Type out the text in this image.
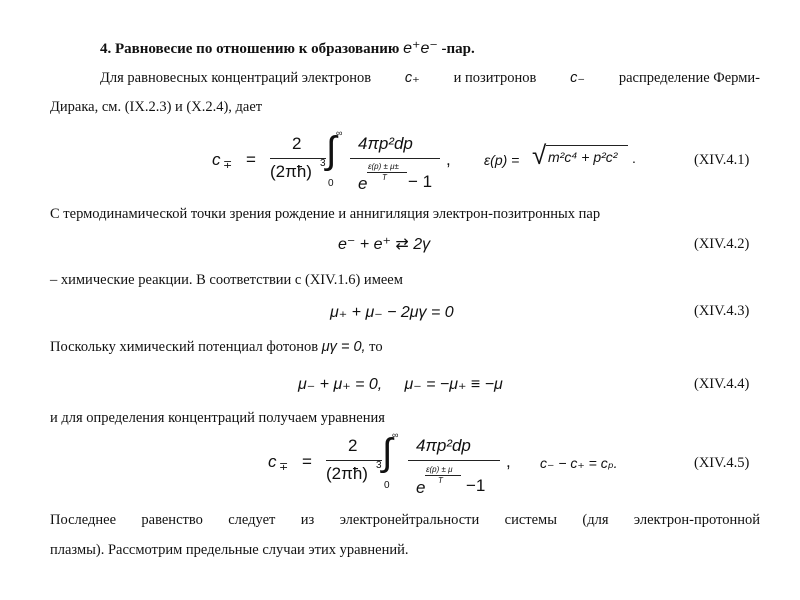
4. Равновесие по отношению к образованию e⁺e⁻ -пар.
Для равновесных концентраций электронов c₊ и позитронов c₋ распределение Ферми-
Дирака, см. (IX.2.3) и (X.2.4), дает
c ∓ =
2
(2πħ) 3 ∫ ∞
0
4πp²dp
e
ε(p) ± μ±
T − 1
, ε(p) = √ m²c⁴ + p²c² .	(XIV.4.1)
С термодинамической точки зрения рождение и аннигиляция электрон-позитронных пар
e⁻ + e⁺ ⇄ 2γ	(XIV.4.2)
– химические реакции. В соответствии с (XIV.1.6) имеем
μ₊ + μ₋ − 2μγ = 0	(XIV.4.3)
Поскольку химический потенциал фотонов μγ = 0, то
μ₋ + μ₊ = 0,     μ₋ = −μ₊ ≡ −μ	(XIV.4.4)
и для определения концентраций получаем уравнения
c ∓ =
2
(2πħ) 3 ∫ ∞
0
4πp²dp
e
ε(p) ± μ
T −1
, c₋ − c₊ = cₚ.	(XIV.4.5)
Последнее равенство следует из электронейтральности системы (для электрон-протонной
плазмы). Рассмотрим предельные случаи этих уравнений.
